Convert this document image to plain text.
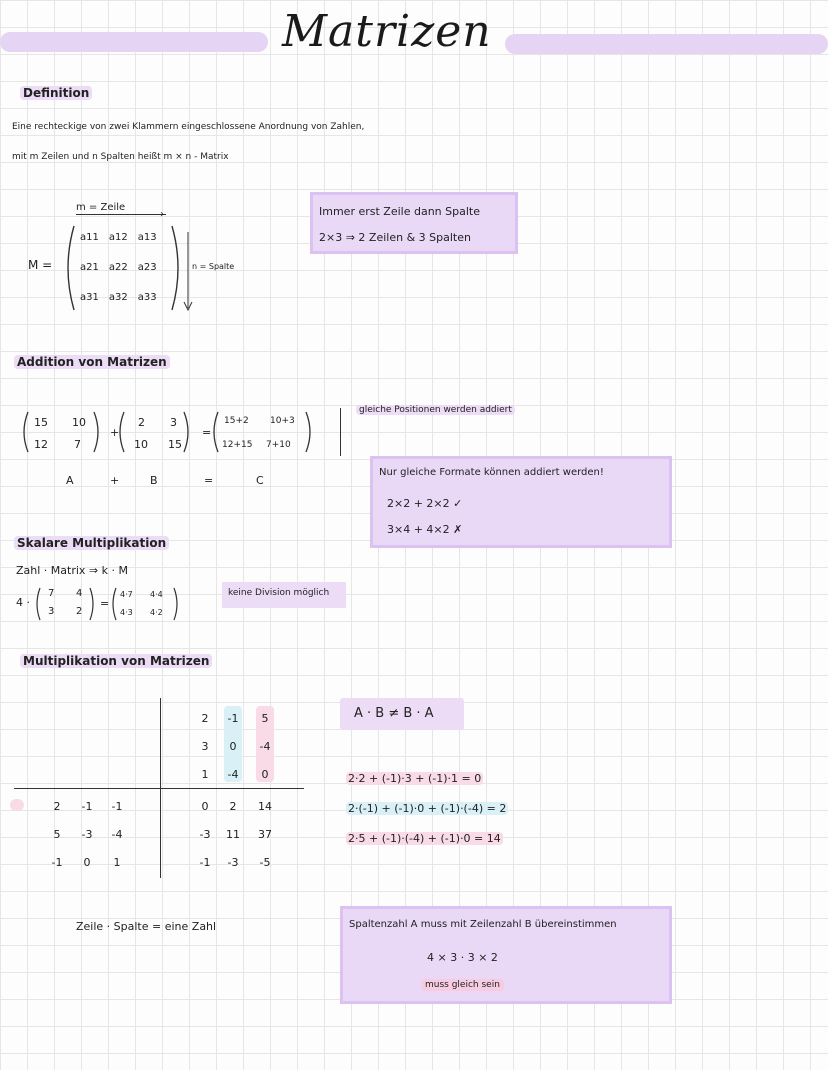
Matrizen
Definition
Eine rechteckige von zwei Klammern eingeschlossene Anordnung von Zahlen,
mit m Zeilen und n Spalten heißt m × n - Matrix
m = Zeile
›
M =	n = Spalte
a11 a12 a13
a21 a22 a23
a31 a32 a33
Immer erst Zeile dann Spalte
2×3 ⇒ 2 Zeilen & 3 Spalten
Addition von Matrizen
15 10
12 7
+
2 3
10 15
=
15+2 10+3
12+15 7+10
A	+	B	=	C
gleiche Positionen werden addiert
Nur gleiche Formate können addiert werden!
2×2 + 2×2 ✓
3×4 + 4×2 ✗
Skalare Multiplikation
Zahl · Matrix ⇒ k · M
4 ·
7 4
3 2
=
4·7 4·4
4·3 4·2
keine Division möglich
Multiplikation von Matrizen
2	-1	5
3	0	-4
1	-4	0
2	-1	-1
5	-3	-4
-1	0	1
0	2	14
-3	11	37
-1	-3	-5
Zeile · Spalte = eine Zahl
A · B ≠ B · A
2·2 + (-1)·3 + (-1)·1 = 0
2·(-1) + (-1)·0 + (-1)·(-4) = 2
2·5 + (-1)·(-4) + (-1)·0 = 14
Spaltenzahl A muss mit Zeilenzahl B übereinstimmen
4 × 3 · 3 × 2
muss gleich sein
